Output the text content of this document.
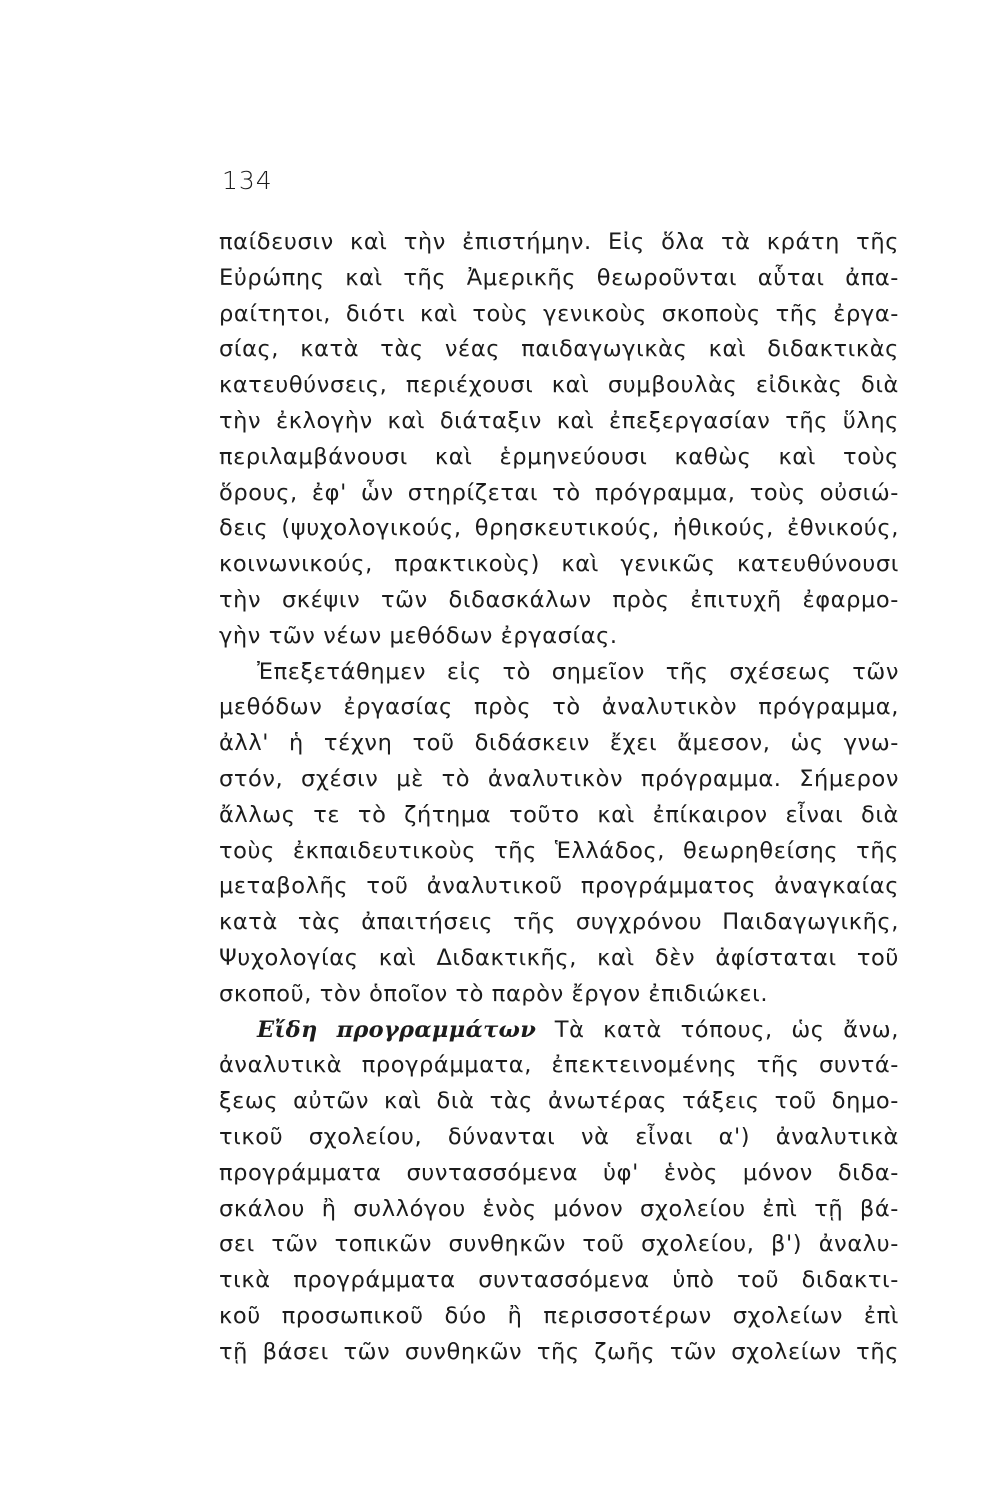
134
παίδευσιν καὶ τὴν ἐπιστήμην. Εἰς ὅλα τὰ κράτη τῆς
Εὐρώπης καὶ τῆς Ἀμερικῆς θεωροῦνται αὗται ἀπα-
ραίτητοι, διότι καὶ τοὺς γενικοὺς σκοποὺς τῆς ἐργα-
σίας, κατὰ τὰς νέας παιδαγωγικὰς καὶ διδακτικὰς
κατευθύνσεις, περιέχουσι καὶ συμβουλὰς εἰδικὰς διὰ
τὴν ἐκλογὴν καὶ διάταξιν καὶ ἐπεξεργασίαν τῆς ὕλης
περιλαμβάνουσι καὶ ἑρμηνεύουσι καθὼς καὶ τοὺς
ὅρους, ἐφ' ὧν στηρίζεται τὸ πρόγραμμα, τοὺς οὐσιώ-
δεις (ψυχολογικούς, θρησκευτικούς, ἠθικούς, ἐθνικούς,
κοινωνικούς, πρακτικοὺς) καὶ γενικῶς κατευθύνουσι
τὴν σκέψιν τῶν διδασκάλων πρὸς ἐπιτυχῆ ἐφαρμο-
γὴν τῶν νέων μεθόδων ἐργασίας.
Ἐπεξετάθημεν εἰς τὸ σημεῖον τῆς σχέσεως τῶν
μεθόδων ἐργασίας πρὸς τὸ ἀναλυτικὸν πρόγραμμα,
ἀλλ' ἡ τέχνη τοῦ διδάσκειν ἔχει ἄμεσον, ὡς γνω-
στόν, σχέσιν μὲ τὸ ἀναλυτικὸν πρόγραμμα. Σήμερον
ἄλλως τε τὸ ζήτημα τοῦτο καὶ ἐπίκαιρον εἶναι διὰ
τοὺς ἐκπαιδευτικοὺς τῆς Ἑλλάδος, θεωρηθείσης τῆς
μεταβολῆς τοῦ ἀναλυτικοῦ προγράμματος ἀναγκαίας
κατὰ τὰς ἀπαιτήσεις τῆς συγχρόνου Παιδαγωγικῆς,
Ψυχολογίας καὶ Διδακτικῆς, καὶ δὲν ἀφίσταται τοῦ
σκοποῦ, τὸν ὁποῖον τὸ παρὸν ἔργον ἐπιδιώκει.
Εἴδη προγραμμάτων Τὰ κατὰ τόπους, ὡς ἄνω,
ἀναλυτικὰ προγράμματα, ἐπεκτεινομένης τῆς συντά-
ξεως αὐτῶν καὶ διὰ τὰς ἀνωτέρας τάξεις τοῦ δημο-
τικοῦ σχολείου, δύνανται νὰ εἶναι α') ἀναλυτικὰ
προγράμματα συντασσόμενα ὑφ' ἑνὸς μόνον διδα-
σκάλου ἢ συλλόγου ἑνὸς μόνον σχολείου ἐπὶ τῇ βά-
σει τῶν τοπικῶν συνθηκῶν τοῦ σχολείου, β') ἀναλυ-
τικὰ προγράμματα συντασσόμενα ὑπὸ τοῦ διδακτι-
κοῦ προσωπικοῦ δύο ἢ περισσοτέρων σχολείων ἐπὶ
τῇ βάσει τῶν συνθηκῶν τῆς ζωῆς τῶν σχολείων τῆς
